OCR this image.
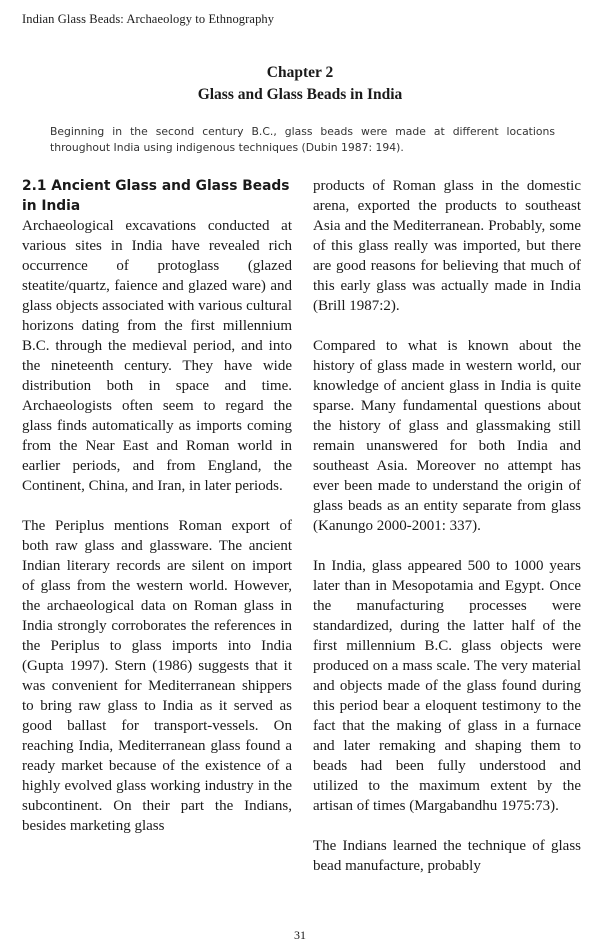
Indian Glass Beads: Archaeology to Ethnography
Chapter 2
Glass and Glass Beads in India
Beginning in the second century B.C., glass beads were made at different locations throughout India using indigenous techniques (Dubin 1987: 194).
2.1 Ancient Glass and Glass Beads in India

Archaeological excavations conducted at various sites in India have revealed rich occurrence of protoglass (glazed steatite/quartz, faience and glazed ware) and glass objects associated with various cultural horizons dating from the first millennium B.C. through the medieval period, and into the nineteenth century. They have wide distribution both in space and time. Archaeologists often seem to regard the glass finds automatically as imports coming from the Near East and Roman world in earlier periods, and from England, the Continent, China, and Iran, in later periods.

The Periplus mentions Roman export of both raw glass and glassware. The ancient Indian literary records are silent on import of glass from the western world. However, the archaeological data on Roman glass in India strongly corroborates the references in the Periplus to glass imports into India (Gupta 1997). Stern (1986) suggests that it was convenient for Mediterranean shippers to bring raw glass to India as it served as good ballast for transport-vessels. On reaching India, Mediterranean glass found a ready market because of the existence of a highly evolved glass working industry in the subcontinent. On their part the Indians, besides marketing glass

products of Roman glass in the domestic arena, exported the products to southeast Asia and the Mediterranean. Probably, some of this glass really was imported, but there are good reasons for believing that much of this early glass was actually made in India (Brill 1987:2).

Compared to what is known about the history of glass made in western world, our knowledge of ancient glass in India is quite sparse. Many fundamental questions about the history of glass and glassmaking still remain unanswered for both India and southeast Asia. Moreover no attempt has ever been made to understand the origin of glass beads as an entity separate from glass (Kanungo 2000-2001: 337).

In India, glass appeared 500 to 1000 years later than in Mesopotamia and Egypt. Once the manufacturing processes were standardized, during the latter half of the first millennium B.C. glass objects were produced on a mass scale. The very material and objects made of the glass found during this period bear a eloquent testimony to the fact that the making of glass in a furnace and later remaking and shaping them to beads had been fully understood and utilized to the maximum extent by the artisan of times (Margabandhu 1975:73).

The Indians learned the technique of glass bead manufacture, probably

31
